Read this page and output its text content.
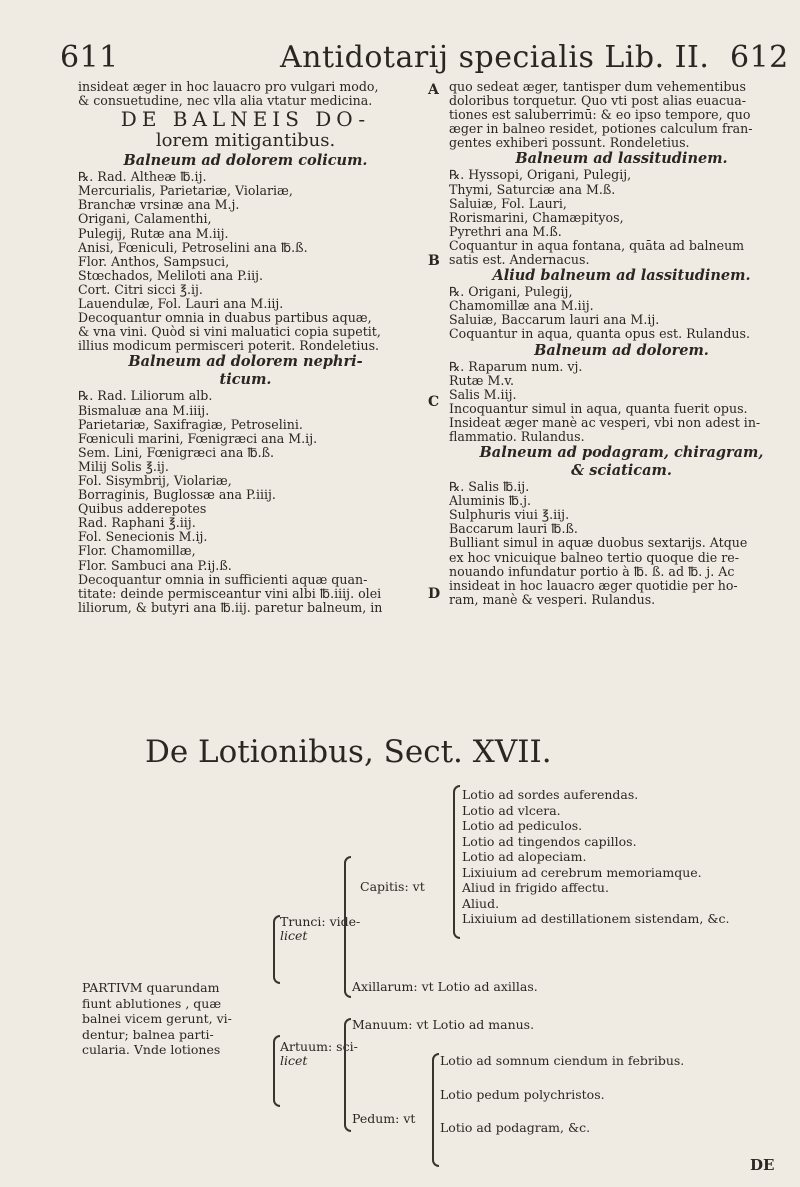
611	Antidotarij specialis Lib. II. 612
A
B
C
D
insideat æger in hoc lauacro pro vulgari modo,
& consuetudine, nec vlla alia vtatur medicina.
DE BALNEIS DO-
lorem mitigantibus.
Balneum ad dolorem colicum.
℞. Rad. Altheæ ℔.ij.
Mercurialis, Parietariæ, Violariæ,
Branchæ vrsinæ ana M.j.
Origani, Calamenthi,
Pulegij, Rutæ ana M.iij.
Anisi, Fœniculi, Petroselini ana ℔.ß.
Flor. Anthos, Sampsuci,
Stœchados, Meliloti ana P.iij.
Cort. Citri sicci ℥.ij.
Lauendulæ, Fol. Lauri ana M.iij.
Decoquantur omnia in duabus partibus aquæ,
& vna vini. Quòd si vini maluatici copia supetit,
illius modicum permiscеri poterit. Rondeletius.
Balneum ad dolorem nephri-
ticum.
℞. Rad. Liliorum alb.
Bismaluæ ana M.iiij.
Parietariæ, Saxifragiæ, Petroselini.
Fœniculi marini, Fœnigræci ana M.ij.
Sem. Lini, Fœnigræci ana ℔.ß.
Milij Solis ℥.ij.
Fol. Sisymbrij, Violariæ,
Borraginis, Buglossæ ana P.iiij.
Quibus adderepotes
Rad. Raphani ℥.iij.
Fol. Senecionis M.ij.
Flor. Chamomillæ,
Flor. Sambuci ana P.ij.ß.
Decoquantur omnia in sufficienti aquæ quan-
titate: deinde permisceantur vini albi ℔.iiij. olei
liliorum, & butyri ana ℔.iij. paretur balneum, in
quo sedeat æger, tantisper dum vehementibus
doloribus torquetur. Quo vti post alias euacua-
tiones est saluberrimū: & eo ipso tempore, quo
æger in balneo residet, potiones calculum fran-
gentes exhiberi possunt. Rondeletius.
Balneum ad lassitudinem.
℞. Hyssopi, Origani, Pulegij,
Thymi, Saturciæ ana M.ß.
Saluiæ, Fol. Lauri,
Rorismarini, Chamæpityos,
Pyrethri ana M.ß.
Coquantur in aqua fontana, quāta ad balneum
satis est. Andernacus.
Aliud balneum ad lassitudinem.
℞. Origani, Pulegij,
Chamomillæ ana M.iij.
Saluiæ, Baccarum lauri ana M.ij.
Coquantur in aqua, quanta opus est. Rulandus.
Balneum ad dolorem.
℞. Raparum num. vj.
Rutæ M.v.
Salis M.iij.
Incoquantur simul in aqua, quanta fuerit opus.
Insideat æger manè ac vesperi, vbi non adest in-
flammatio. Rulandus.
Balneum ad podagram, chiragram,
& sciaticam.
℞. Salis ℔.ij.
Aluminis ℔.j.
Sulphuris viui ℥.iij.
Baccarum lauri ℔.ß.
Bulliant simul in aquæ duobus sextarijs. Atque
ex hoc vnicuique balneo tertio quoque die re-
nouando infundatur portio à ℔. ß. ad ℔. j. Ac
insideat in hoc lauacro æger quotidie per ho-
ram, manè & vesperi. Rulandus.
De Lotionibus, Sect. XVII.
PARTIVM quarundam
fiunt ablutiones , quæ
balnei vicem gerunt, vi-
dentur; balnea parti-
cularia. Vnde lotiones
Trunci: vide-
licet
Artuum: sci-
licet
Capitis: vt
Axillarum: vt Lotio ad axillas.
Lotio ad sordes auferendas.
Lotio ad vlcera.
Lotio ad pediculos.
Lotio ad tingendos capillos.
Lotio ad alopeciam.
Lixiuium ad cerebrum memoriamque.
Aliud in frigido affectu.
Aliud.
Lixiuium ad destillationem sistendam, &c.
Manuum: vt Lotio ad manus.
Pedum: vt
Lotio ad somnum ciendum in febribus.
Lotio pedum polychristos.
Lotio ad podagram, &c.
DE
